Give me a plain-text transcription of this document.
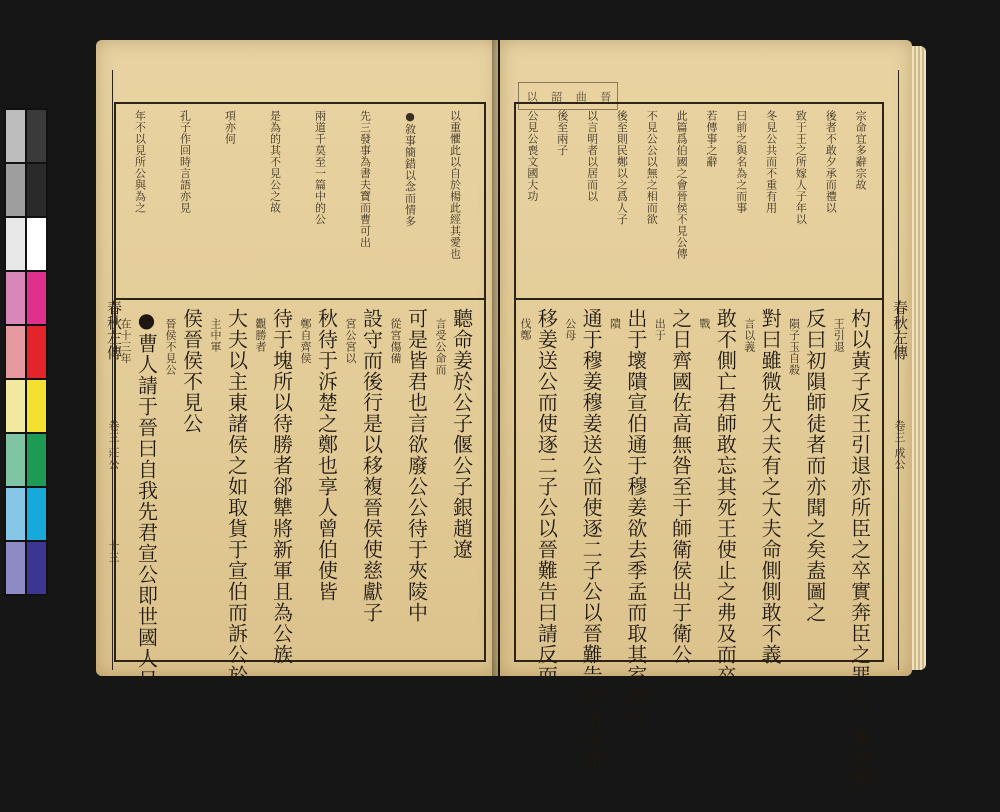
春秋左傳
卷三 莊公
十三
以重懼此以自於楊此經其愛也
●敘事簡錯以念而情多
先三發事為書夫寶而曹可出
兩道千莫至一篇中的公
是為的其不見公之故
項亦何
孔子作回時言語亦見
年不以見所公與為之
聽命姜於公子偃公子銀趙遼
言受公命而
可是皆君也言欲廢公公待于夾陵中
從宮傷備
設守而後行是以移複晉侯使慈獻子
宮公宮以
秋待于泝楚之鄭也享人曾伯使皆
鄭自齊侯
待于塊所以待勝者郤犨將新軍且為公族
觀勝者
大夫以主東諸侯之如取貨于宣伯而訴公於
主中軍
侯晉侯不見公
晉侯不見公
●曹人請于晉曰自我先君宣公即世國人日
在十三年
以 韶 曲 晉
宗命宜多辭宗故
後者不敢夕承而禮以
致于王之所嫁人子年以
冬見公共而不重有用
曰前之與名為之而事
若傳事之辭
此篇爲伯國之會晉侯不見公傳
不見公公以無之相而欲
後至則民鄭以之爲人子
以言明者以居而以
後至兩子
公見公喪文國大功
杓以黃子反王引退亦所臣之卒實奔臣之罪也子重使謂子
王引退
反曰初隕師徒者而亦聞之矣盍圖之
隕子玉自殺
對曰雖微先大夫有之大夫命側側敢不義
言以義
敢不側亡君師敢忘其死王使止之弗及而卒
戰
之日齊國佐高無咎至于師衛侯出于衛公
出于
出于壞隤宣伯通于穆姜欲去季孟而取其室將行
隤
通于穆姜穆姜送公而使逐二子公以晉難告曰請反而
公母
移姜送公而使逐二子公以晉難告曰請反而
伐鄭	春秋左傳
卷三 成公
